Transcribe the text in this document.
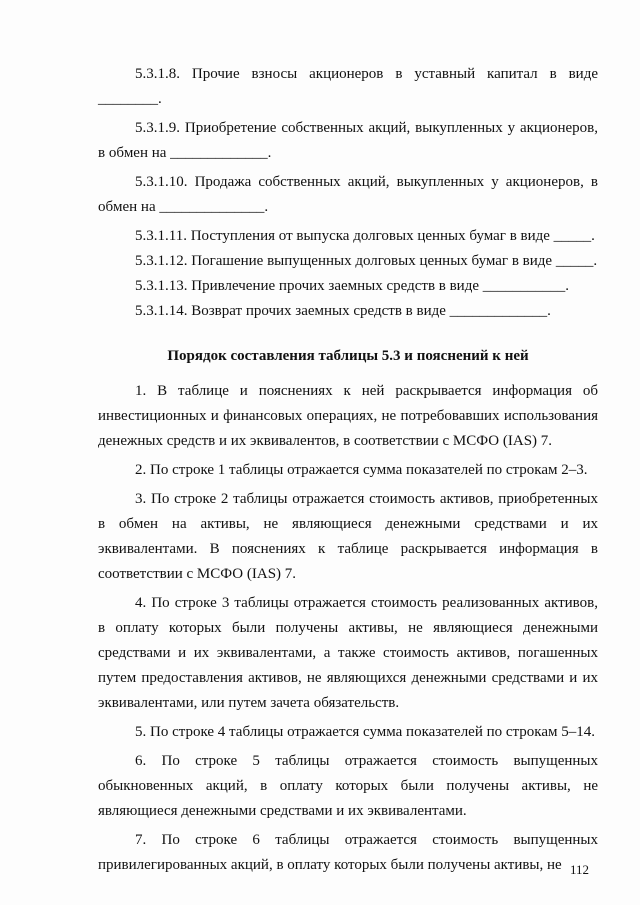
5.3.1.8. Прочие взносы акционеров в уставный капитал в виде ________.

5.3.1.9. Приобретение собственных акций, выкупленных у акционеров, в обмен на _____________.

5.3.1.10. Продажа собственных акций, выкупленных у акционеров, в обмен на ______________.

5.3.1.11. Поступления от выпуска долговых ценных бумаг в виде _____.

5.3.1.12. Погашение выпущенных долговых ценных бумаг в виде _____.

5.3.1.13. Привлечение прочих заемных средств в виде ___________.

5.3.1.14. Возврат прочих заемных средств в виде _____________.

Порядок составления таблицы 5.3 и пояснений к ней

1. В таблице и пояснениях к ней раскрывается информация об инвестиционных и финансовых операциях, не потребовавших использования денежных средств и их эквивалентов, в соответствии с МСФО (IAS) 7.

2. По строке 1 таблицы отражается сумма показателей по строкам 2–3.

3. По строке 2 таблицы отражается стоимость активов, приобретенных в обмен на активы, не являющиеся денежными средствами и их эквивалентами. В пояснениях к таблице раскрывается информация в соответствии с МСФО (IAS) 7.

4. По строке 3 таблицы отражается стоимость реализованных активов, в оплату которых были получены активы, не являющиеся денежными средствами и их эквивалентами, а также стоимость активов, погашенных путем предоставления активов, не являющихся денежными средствами и их эквивалентами, или путем зачета обязательств.

5. По строке 4 таблицы отражается сумма показателей по строкам 5–14.

6. По строке 5 таблицы отражается стоимость выпущенных обыкновенных акций, в оплату которых были получены активы, не являющиеся денежными средствами и их эквивалентами.

7. По строке 6 таблицы отражается стоимость выпущенных привилегированных акций, в оплату которых были получены активы, не 112
